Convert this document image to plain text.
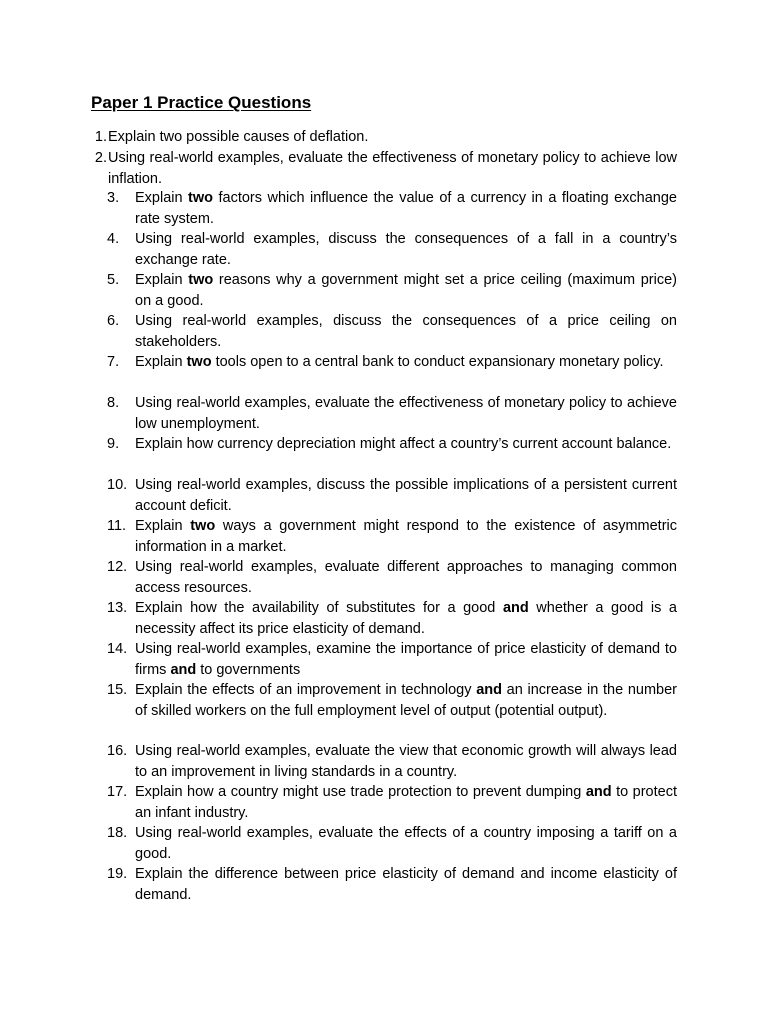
Paper 1 Practice Questions
1. Explain two possible causes of deflation.
2. Using real-world examples, evaluate the effectiveness of monetary policy to achieve low inflation.
3.	Explain two factors which influence the value of a currency in a floating exchange rate system.
4.	Using real-world examples, discuss the consequences of a fall in a country’s exchange rate.
5.	Explain two reasons why a government might set a price ceiling (maximum price) on a good.
6.	Using real-world examples, discuss the consequences of a price ceiling on stakeholders.
7.	Explain two tools open to a central bank to conduct expansionary monetary policy.
8.	Using real-world examples, evaluate the effectiveness of monetary policy to achieve low unemployment.
9.	Explain how currency depreciation might affect a country’s current account balance.
10. Using real-world examples, discuss the possible implications of a persistent current account deficit.
11. Explain two ways a government might respond to the existence of asymmetric information in a market.
12. Using real-world examples, evaluate different approaches to managing common access resources.
13. Explain how the availability of substitutes for a good and whether a good is a necessity affect its price elasticity of demand.
14. Using real-world examples, examine the importance of price elasticity of demand to firms and to governments
15. Explain the effects of an improvement in technology and an increase in the number of skilled workers on the full employment level of output (potential output).
16. Using real-world examples, evaluate the view that economic growth will always lead to an improvement in living standards in a country.
17. Explain how a country might use trade protection to prevent dumping and to protect an infant industry.
18. Using real-world examples, evaluate the effects of a country imposing a tariff on a good.
19. Explain the difference between price elasticity of demand and income elasticity of demand.
